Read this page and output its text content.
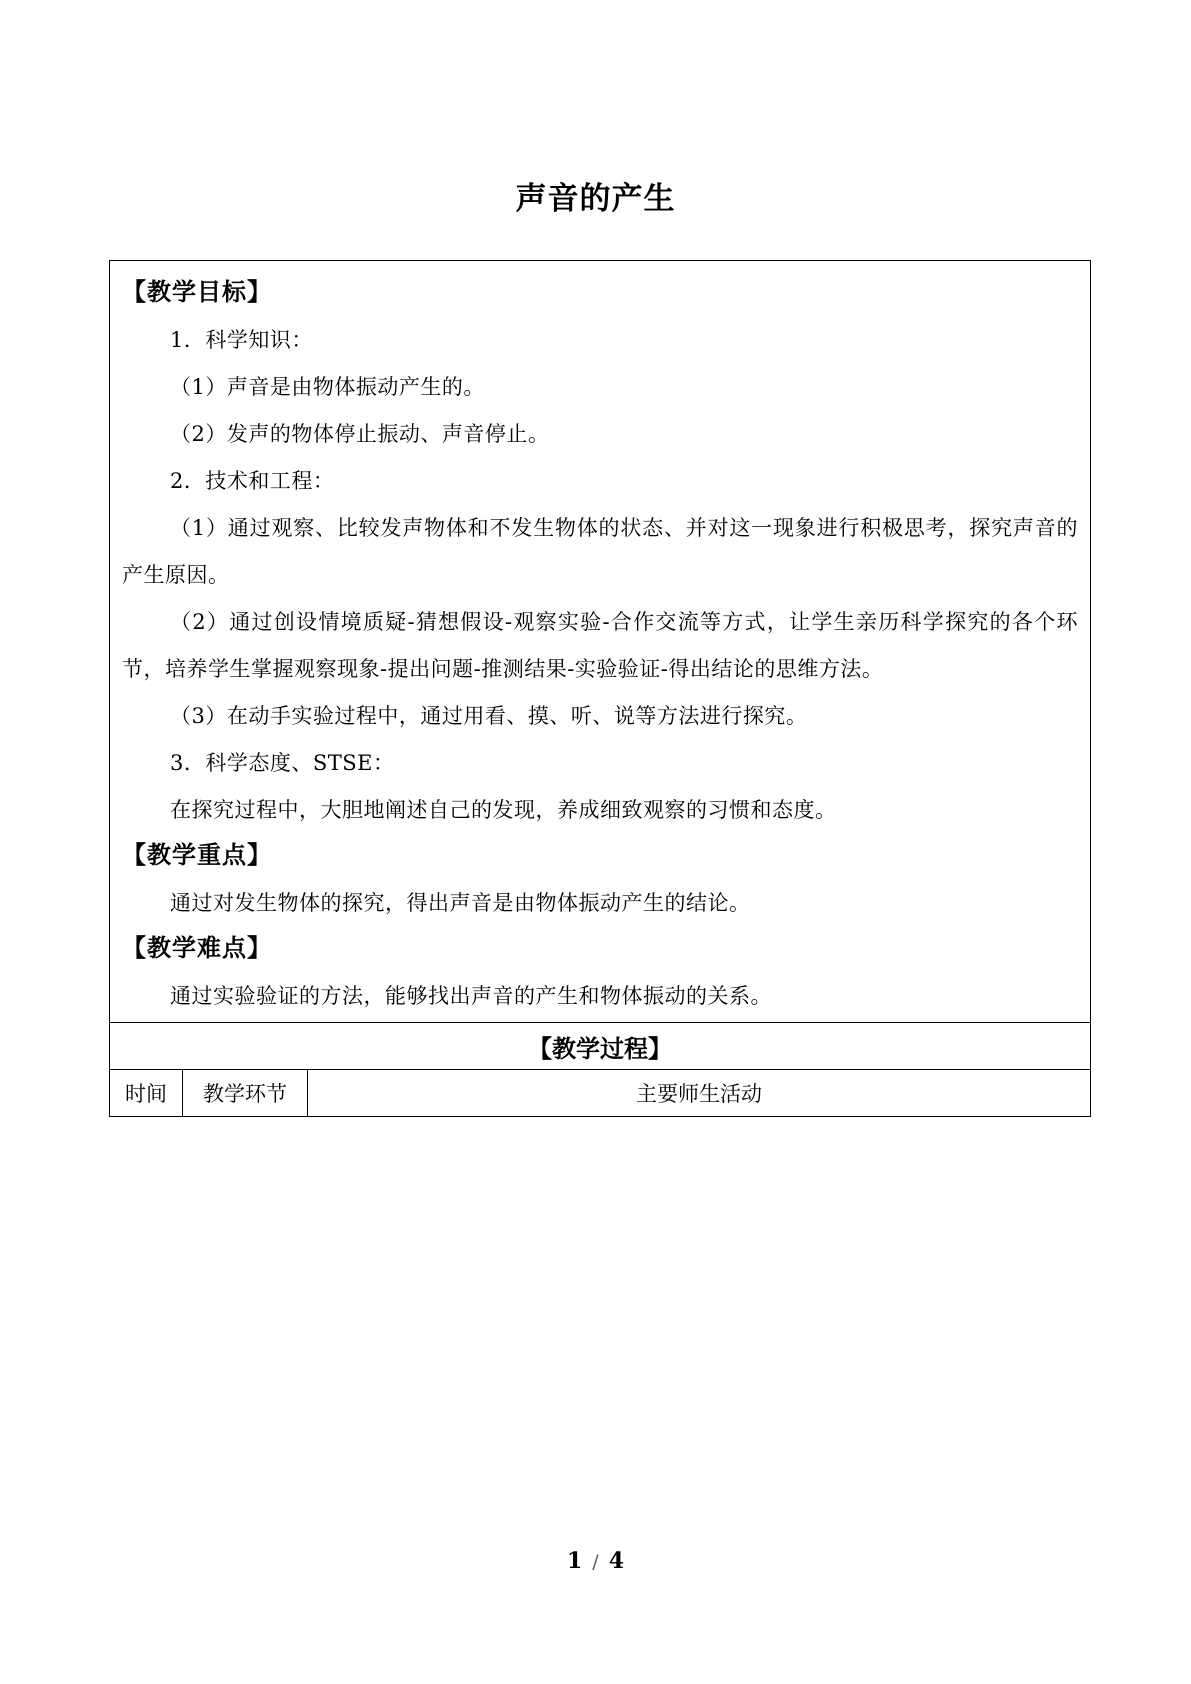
声音的产生
【教学目标】
1．科学知识：
（1）声音是由物体振动产生的。
（2）发声的物体停止振动、声音停止。
2．技术和工程：
（1）通过观察、比较发声物体和不发生物体的状态、并对这一现象进行积极思考，探究声音的产生原因。
（2）通过创设情境质疑-猜想假设-观察实验-合作交流等方式，让学生亲历科学探究的各个环节，培养学生掌握观察现象-提出问题-推测结果-实验验证-得出结论的思维方法。
（3）在动手实验过程中，通过用看、摸、听、说等方法进行探究。
3．科学态度、STSE：
在探究过程中，大胆地阐述自己的发现，养成细致观察的习惯和态度。
【教学重点】
通过对发生物体的探究，得出声音是由物体振动产生的结论。
【教学难点】
通过实验验证的方法，能够找出声音的产生和物体振动的关系。

【教学过程】
时间	教学环节	主要师生活动
1 / 4
